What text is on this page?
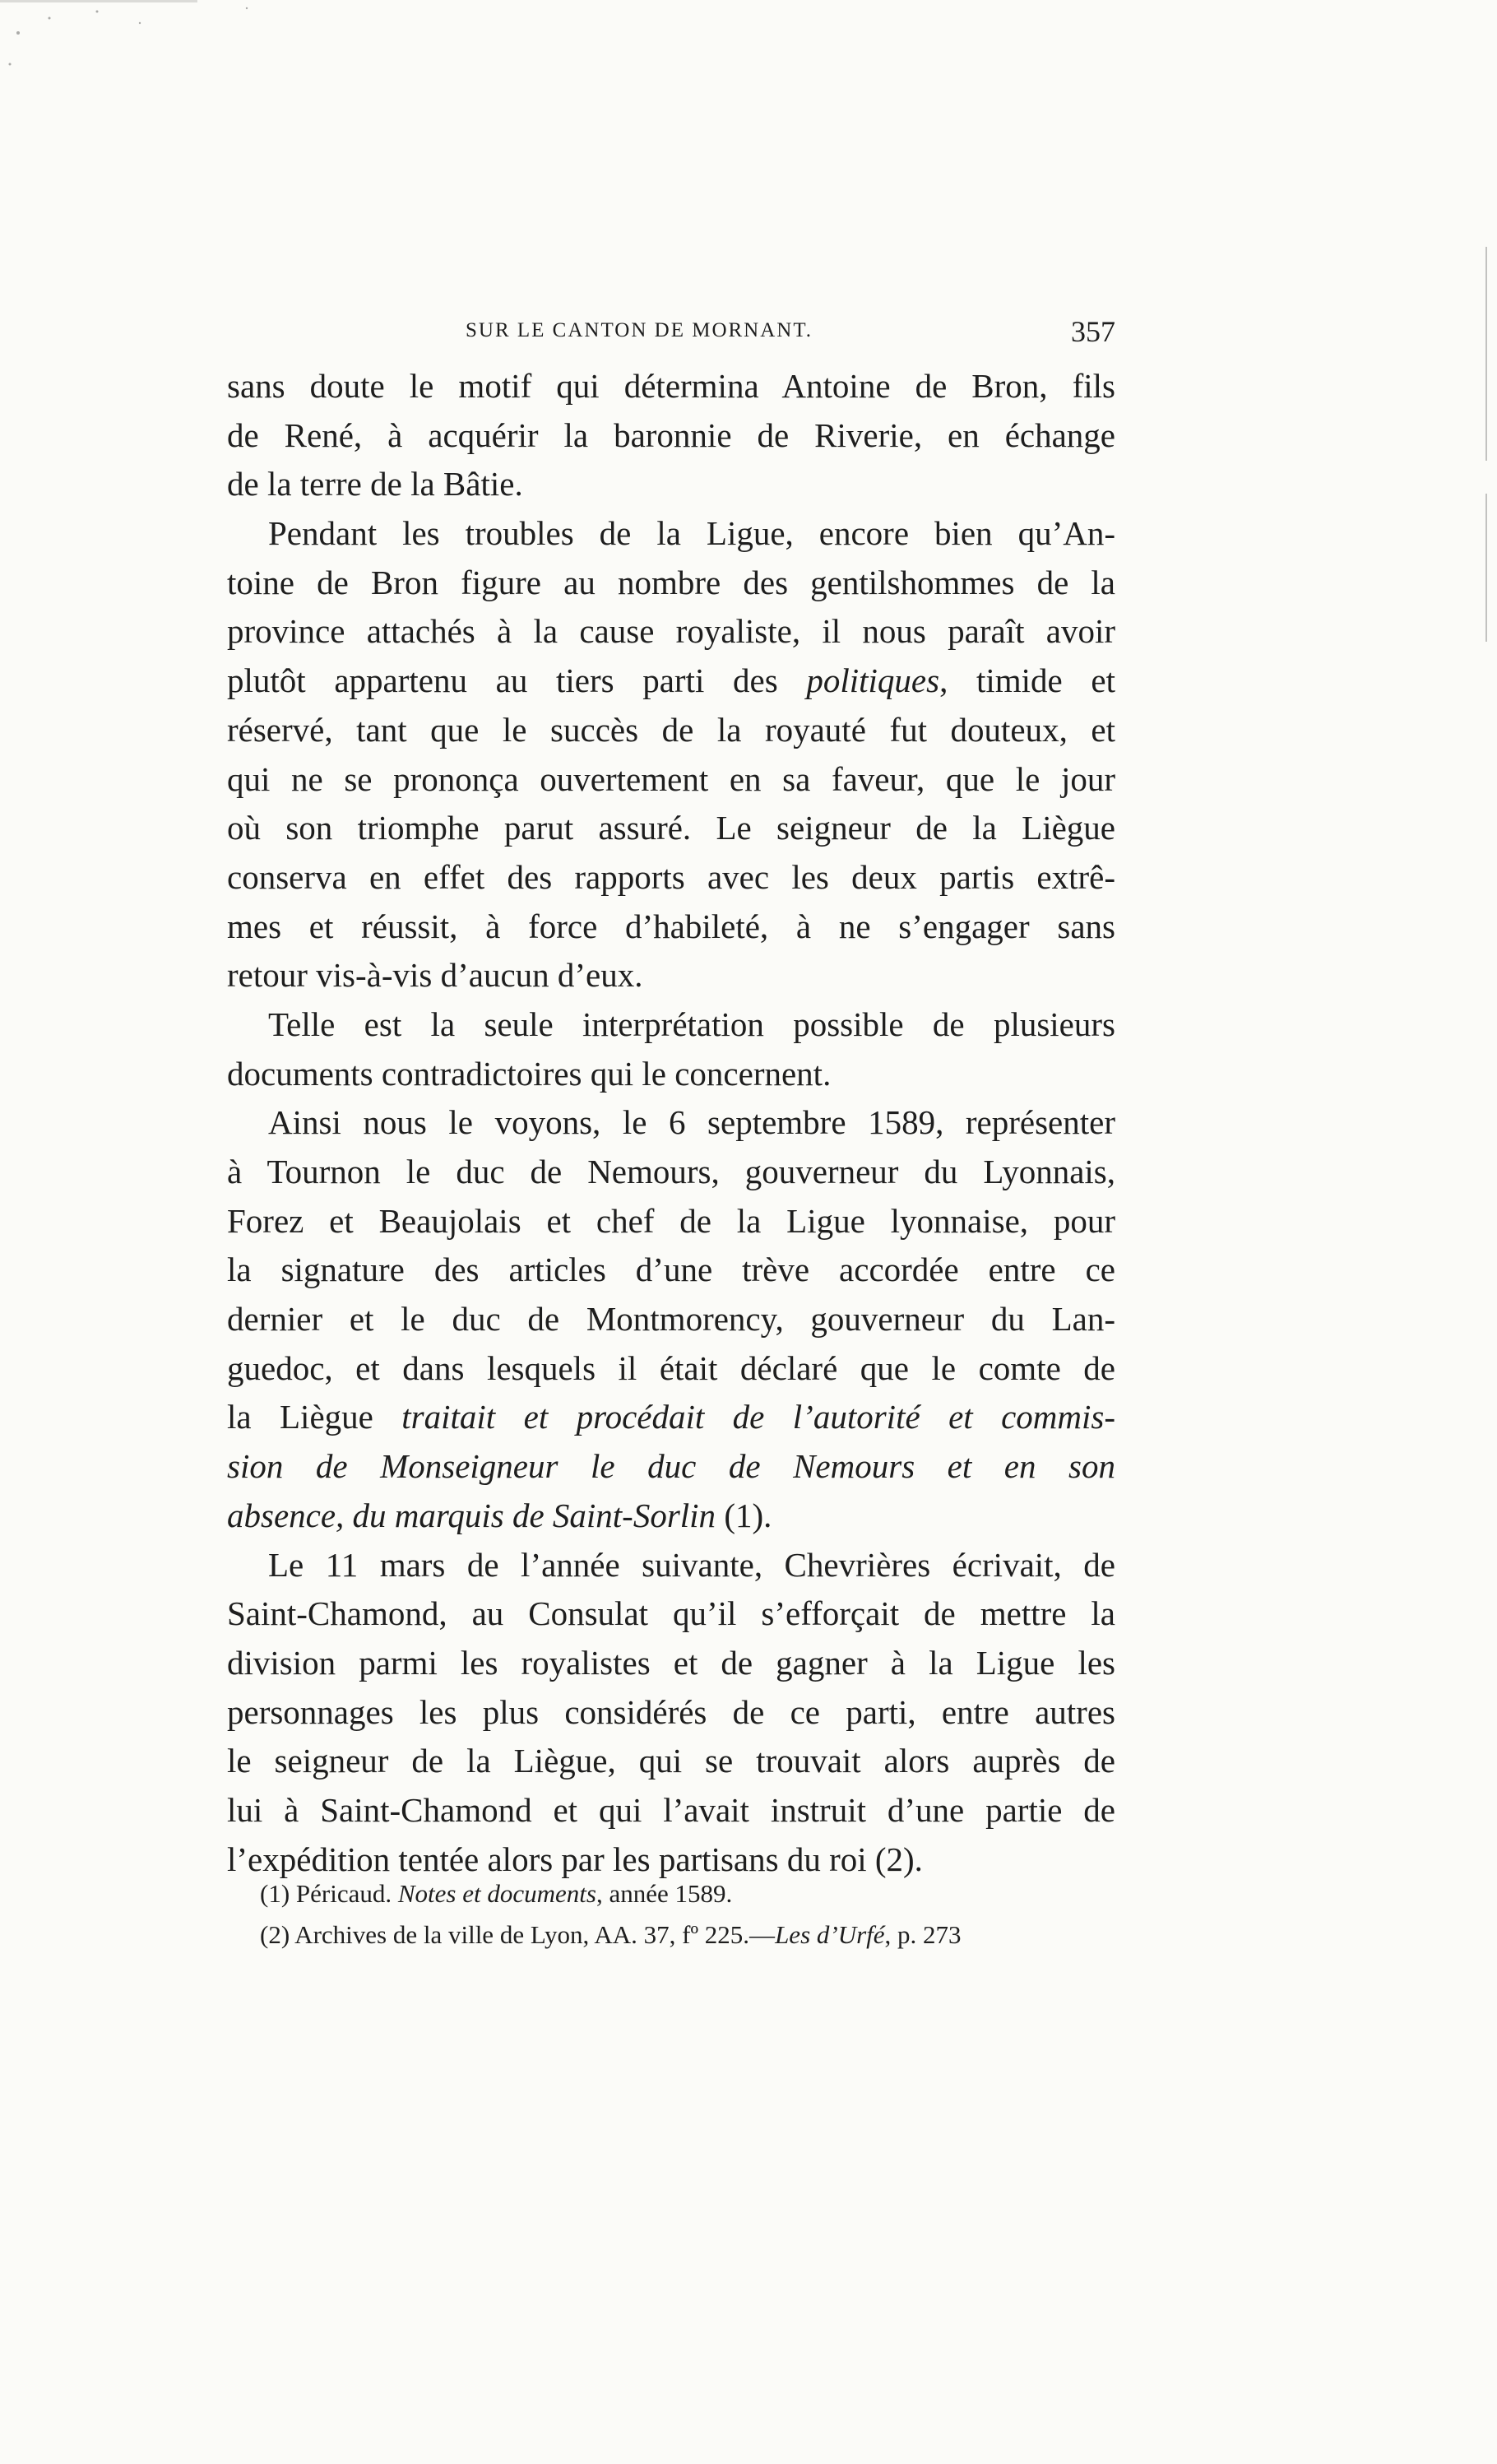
SUR LE CANTON DE MORNANT.	357
sans doute le motif qui détermina Antoine de Bron, fils
de René, à acquérir la baronnie de Riverie, en échange
de la terre de la Bâtie.
Pendant les troubles de la Ligue, encore bien qu’An-
toine de Bron figure au nombre des gentilshommes de la
province attachés à la cause royaliste, il nous paraît avoir
plutôt appartenu au tiers parti des politiques, timide et
réservé, tant que le succès de la royauté fut douteux, et
qui ne se prononça ouvertement en sa faveur, que le jour
où son triomphe parut assuré. Le seigneur de la Liègue
conserva en effet des rapports avec les deux partis extrê-
mes et réussit, à force d’habileté, à ne s’engager sans
retour vis-à-vis d’aucun d’eux.
Telle est la seule interprétation possible de plusieurs
documents contradictoires qui le concernent.
Ainsi nous le voyons, le 6 septembre 1589, représenter
à Tournon le duc de Nemours, gouverneur du Lyonnais,
Forez et Beaujolais et chef de la Ligue lyonnaise, pour
la signature des articles d’une trève accordée entre ce
dernier et le duc de Montmorency, gouverneur du Lan-
guedoc, et dans lesquels il était déclaré que le comte de
la Liègue traitait et procédait de l’autorité et commis-
sion de Monseigneur le duc de Nemours et en son
absence, du marquis de Saint-Sorlin (1).
Le 11 mars de l’année suivante, Chevrières écrivait, de
Saint-Chamond, au Consulat qu’il s’efforçait de mettre la
division parmi les royalistes et de gagner à la Ligue les
personnages les plus considérés de ce parti, entre autres
le seigneur de la Liègue, qui se trouvait alors auprès de
lui à Saint-Chamond et qui l’avait instruit d’une partie de
l’expédition tentée alors par les partisans du roi (2).
(1) Péricaud. Notes et documents, année 1589.
(2) Archives de la ville de Lyon, AA. 37, fº 225.—Les d’Urfé, p. 273
